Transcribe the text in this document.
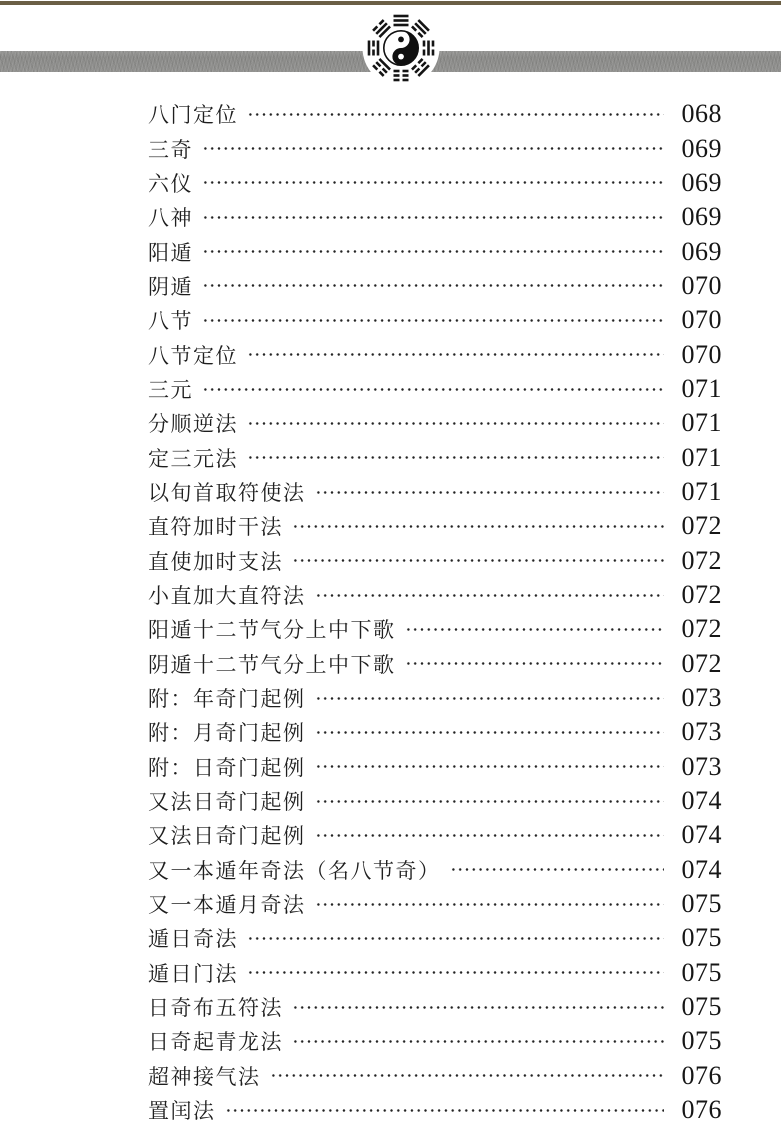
八门定位	068
三奇	069
六仪	069
八神	069
阳遁	069
阴遁	070
八节	070
八节定位	070
三元	071
分顺逆法	071
定三元法	071
以旬首取符使法	071
直符加时干法	072
直使加时支法	072
小直加大直符法	072
阳遁十二节气分上中下歌	072
阴遁十二节气分上中下歌	072
附：年奇门起例	073
附：月奇门起例	073
附：日奇门起例	073
又法日奇门起例	074
又法日奇门起例	074
又一本遁年奇法（名八节奇）	074
又一本遁月奇法	075
遁日奇法	075
遁日门法	075
日奇布五符法	075
日奇起青龙法	075
超神接气法	076
置闰法	076
